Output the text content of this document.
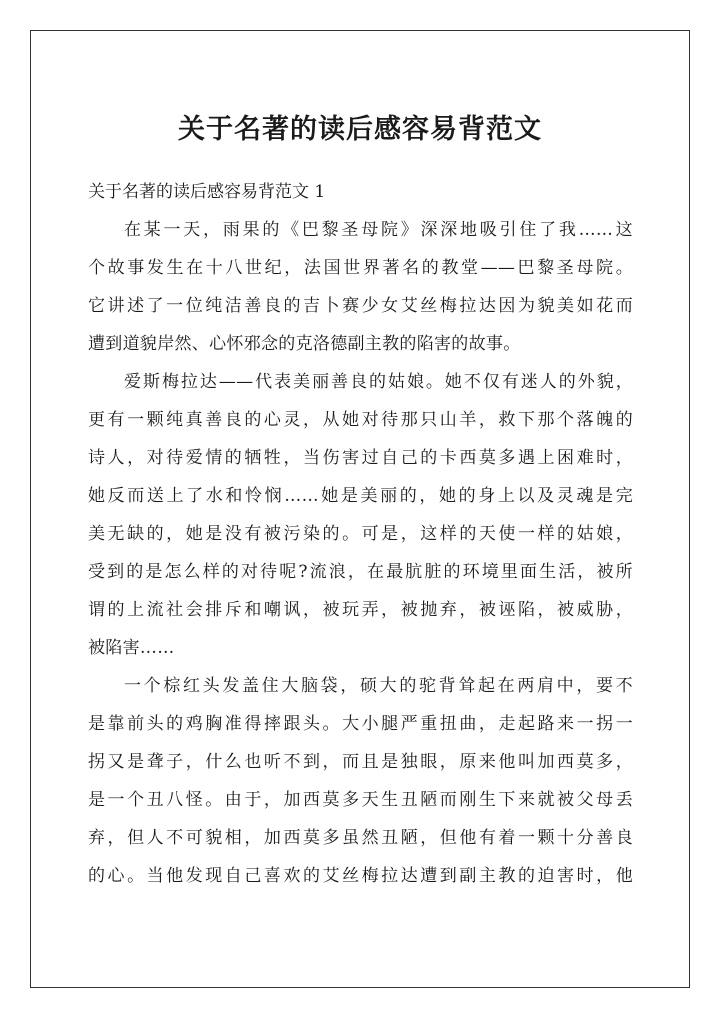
关于名著的读后感容易背范文

关于名著的读后感容易背范文 1

在某一天，雨果的《巴黎圣母院》深深地吸引住了我……这

个故事发生在十八世纪，法国世界著名的教堂——巴黎圣母院。

它讲述了一位纯洁善良的吉卜赛少女艾丝梅拉达因为貌美如花而

遭到道貌岸然、心怀邪念的克洛德副主教的陷害的故事。

爱斯梅拉达——代表美丽善良的姑娘。她不仅有迷人的外貌，

更有一颗纯真善良的心灵，从她对待那只山羊，救下那个落魄的

诗人，对待爱情的牺牲，当伤害过自己的卡西莫多遇上困难时，

她反而送上了水和怜悯……她是美丽的，她的身上以及灵魂是完

美无缺的，她是没有被污染的。可是，这样的天使一样的姑娘，

受到的是怎么样的对待呢?流浪，在最肮脏的环境里面生活，被所

谓的上流社会排斥和嘲讽，被玩弄，被抛弃，被诬陷，被威胁，

被陷害……

一个棕红头发盖住大脑袋，硕大的驼背耸起在两肩中，要不

是靠前头的鸡胸准得摔跟头。大小腿严重扭曲，走起路来一拐一

拐又是聋子，什么也听不到，而且是独眼，原来他叫加西莫多，

是一个丑八怪。由于，加西莫多天生丑陋而刚生下来就被父母丢

弃，但人不可貌相，加西莫多虽然丑陋，但他有着一颗十分善良

的心。当他发现自己喜欢的艾丝梅拉达遭到副主教的迫害时，他
